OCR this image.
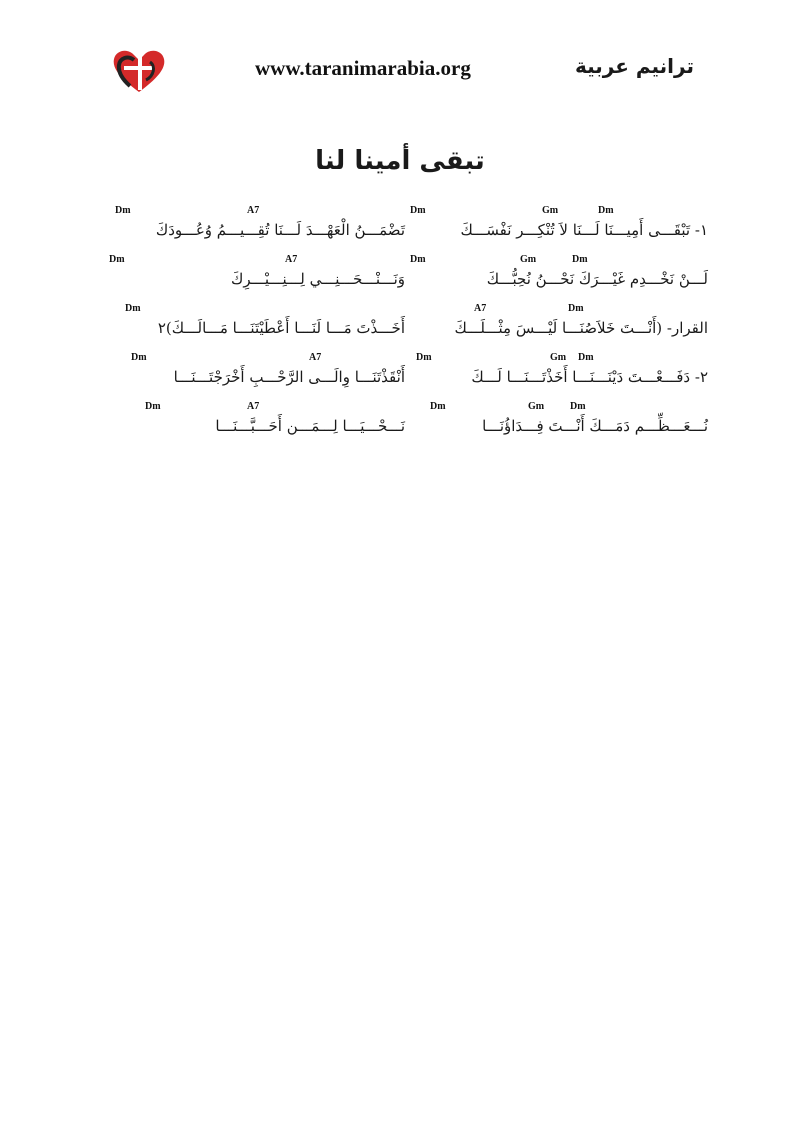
www.taranimarabia.org	ترانيم عربية
تبقى أمينا لنا
Dm	Gm	Dm
١- تَبْقَـــى أَمِيـــنَا لَـــنَا لاَ تُنْكِـــر نَفْسَـــكَ
Dm	Gm	Dm
لَـــنْ نَخْـــدِم غَيْـــرَكَ نَحْـــنُ نُحِبُّـــكَ
A7	Dm
القرار- (أَنْـــتَ خَلاَصُنَـــا لَيْـــسَ مِثْـــلَـــكَ
Dm	Gm Dm
٢- دَفَـــعْـــتَ دَيْنَـــنَـــا أَخَذْتَـــنَـــا لَـــكَ
Dm	Gm	Dm
نُـــعَـــظِّـــم دَمَـــكَ أَنْـــتَ فِـــدَاؤُنَـــا
Dm	A7
تَضْمَـــنُ الْعَهْـــدَ لَـــنَا تُقِـــيـــمُ وُعُـــودَكَ
Dm	A7
وَنَـــنْـــحَـــنِـــي لِـــنِـــيْـــرِكَ
Dm
أَخَـــذْتَ مَـــا لَنَـــا أَعْطَيْتَنَـــا مَـــالَـــكَ)٢
Dm	A7
أَنْقَذْتَنَـــا وِالَـــى الرَّحْـــبِ أَخْرَجْتَـــنَـــا
Dm	A7
نَـــحْـــيَـــا لِـــمَـــن أَحَـــبَّـــنَـــا
